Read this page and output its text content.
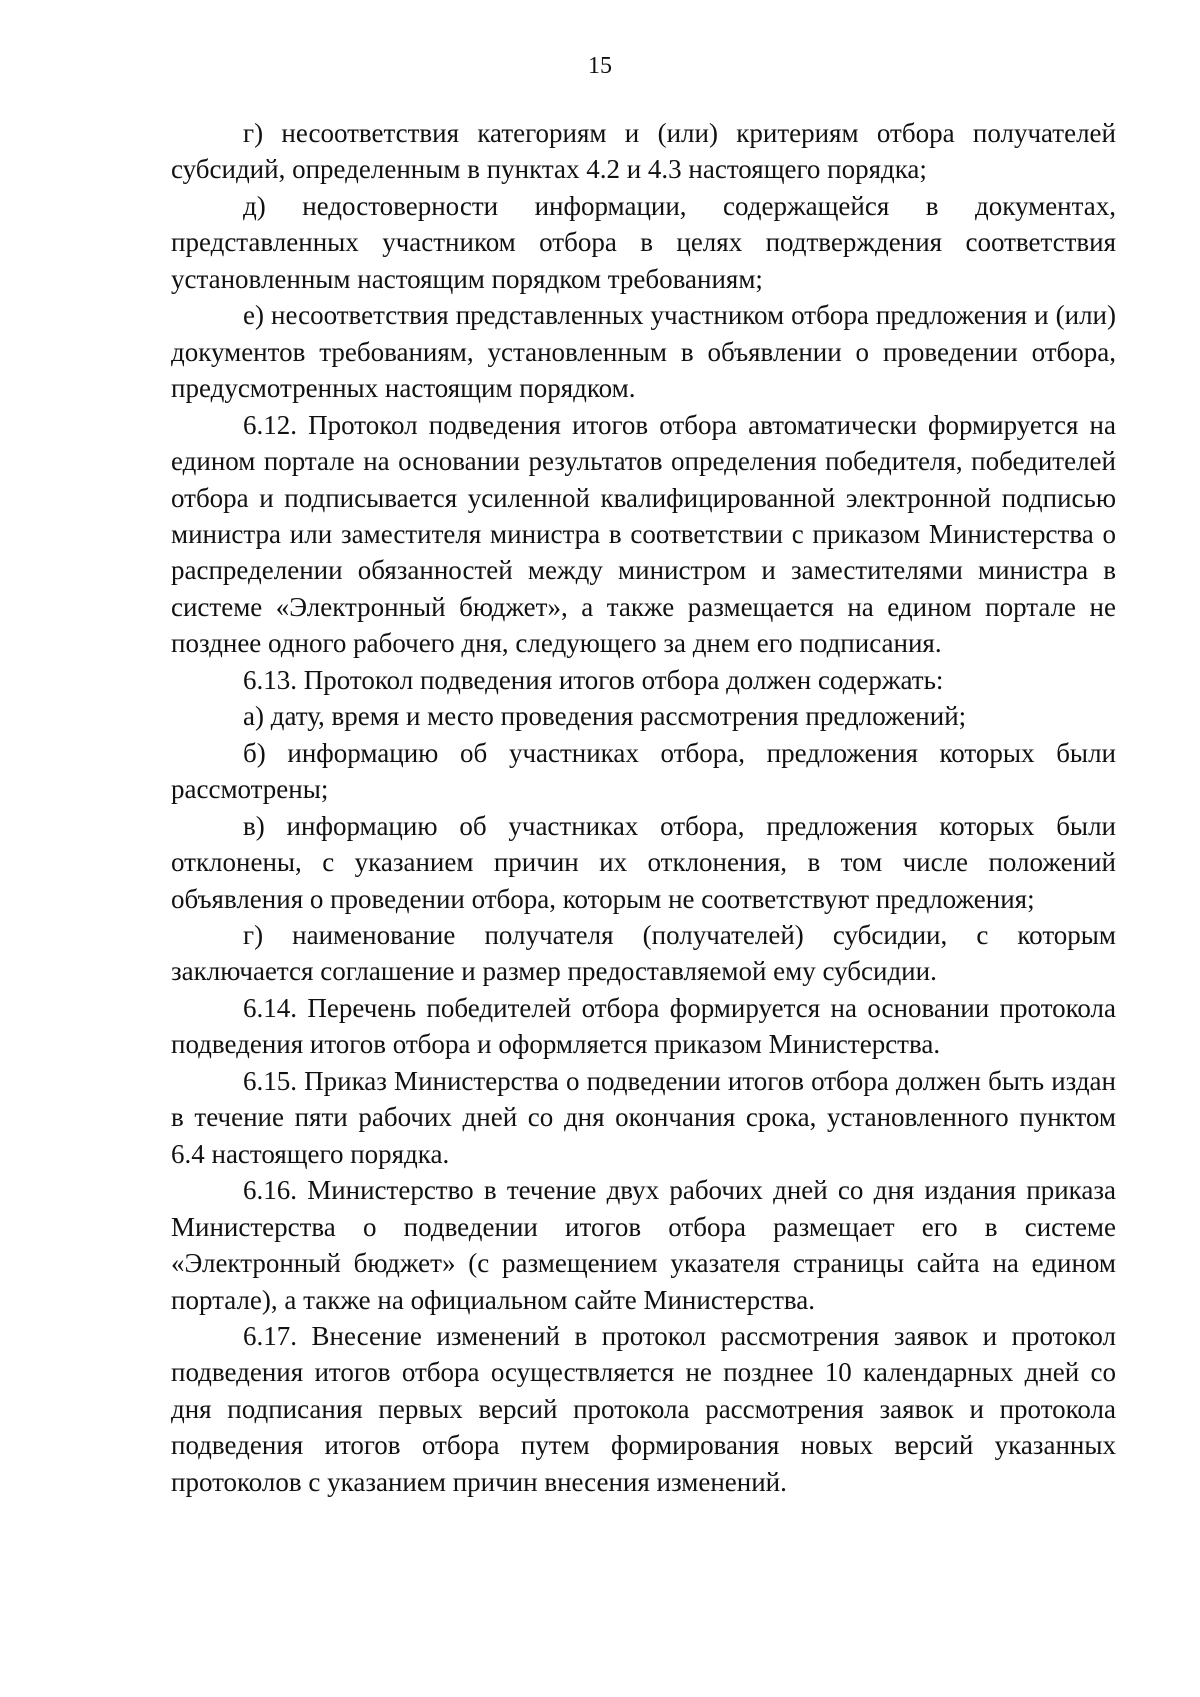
15

г) несоответствия категориям и (или) критериям отбора получателей субсидий, определенным в пунктах 4.2 и 4.3 настоящего порядка;

д) недостоверности информации, содержащейся в документах, представленных участником отбора в целях подтверждения соответствия установленным настоящим порядком требованиям;

е) несоответствия представленных участником отбора предложения и (или) документов требованиям, установленным в объявлении о проведении отбора, предусмотренных настоящим порядком.

6.12. Протокол подведения итогов отбора автоматически формируется на едином портале на основании результатов определения победителя, победителей отбора и подписывается усиленной квалифицированной электронной подписью министра или заместителя министра в соответствии с приказом Министерства о распределении обязанностей между министром и заместителями министра в системе «Электронный бюджет», а также размещается на едином портале не позднее одного рабочего дня, следующего за днем его подписания.

6.13. Протокол подведения итогов отбора должен содержать:

а) дату, время и место проведения рассмотрения предложений;

б) информацию об участниках отбора, предложения которых были рассмотрены;

в) информацию об участниках отбора, предложения которых были отклонены, с указанием причин их отклонения, в том числе положений объявления о проведении отбора, которым не соответствуют предложения;

г) наименование получателя (получателей) субсидии, с которым заключается соглашение и размер предоставляемой ему субсидии.

6.14. Перечень победителей отбора формируется на основании протокола подведения итогов отбора и оформляется приказом Министерства.

6.15. Приказ Министерства о подведении итогов отбора должен быть издан в течение пяти рабочих дней со дня окончания срока, установленного пунктом 6.4 настоящего порядка.

6.16. Министерство в течение двух рабочих дней со дня издания приказа Министерства о подведении итогов отбора размещает его в системе «Электронный бюджет» (с размещением указателя страницы сайта на едином портале), а также на официальном сайте Министерства.

6.17. Внесение изменений в протокол рассмотрения заявок и протокол подведения итогов отбора осуществляется не позднее 10 календарных дней со дня подписания первых версий протокола рассмотрения заявок и протокола подведения итогов отбора путем формирования новых версий указанных протоколов с указанием причин внесения изменений.
